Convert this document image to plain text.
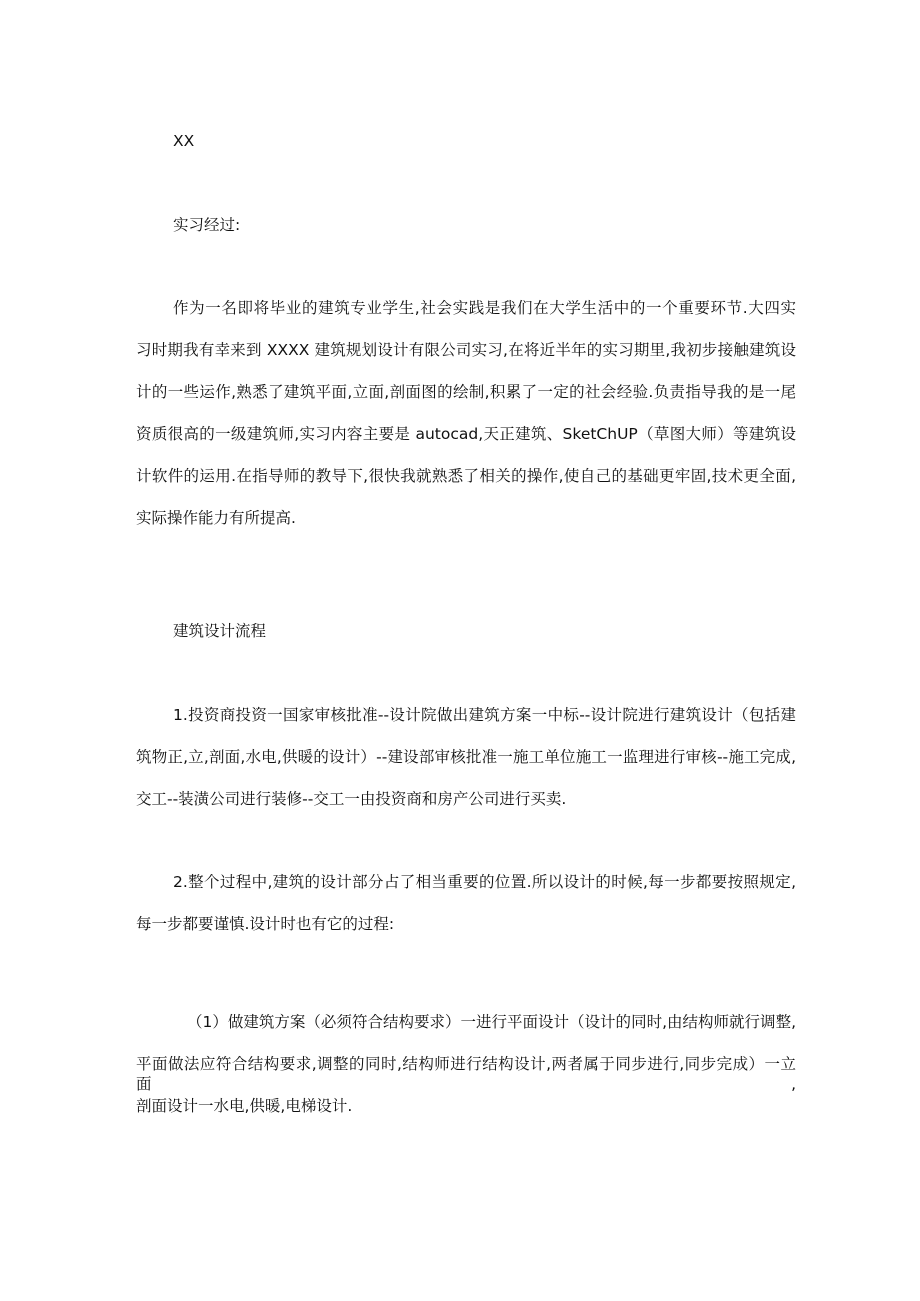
XX
实习经过:
作为一名即将毕业的建筑专业学生,社会实践是我们在大学生活中的一个重要环节.大四实
习时期我有幸来到 XXXX 建筑规划设计有限公司实习,在将近半年的实习期里,我初步接触建筑设
计的一些运作,熟悉了建筑平面,立面,剖面图的绘制,积累了一定的社会经验.负责指导我的是一尾
资质很高的一级建筑师,实习内容主要是 autocad,天正建筑、SketChUP（草图大师）等建筑设
计软件的运用.在指导师的教导下,很快我就熟悉了相关的操作,使自己的基础更牢固,技术更全面,
实际操作能力有所提高.
建筑设计流程
1.投资商投资一国家审核批准--设计院做出建筑方案一中标--设计院进行建筑设计（包括建
筑物正,立,剖面,水电,供暖的设计）--建设部审核批准一施工单位施工一监理进行审核--施工完成,
交工--装潢公司进行装修--交工一由投资商和房产公司进行买卖.
2.整个过程中,建筑的设计部分占了相当重要的位置.所以设计的时候,每一步都要按照规定,
每一步都要谨慎.设计时也有它的过程:
（1）做建筑方案（必须符合结构要求）一进行平面设计（设计的同时,由结构师就行调整,
平面做法应符合结构要求,调整的同时,结构师进行结构设计,两者属于同步进行,同步完成）一立面,
剖面设计一水电,供暖,电梯设计.
